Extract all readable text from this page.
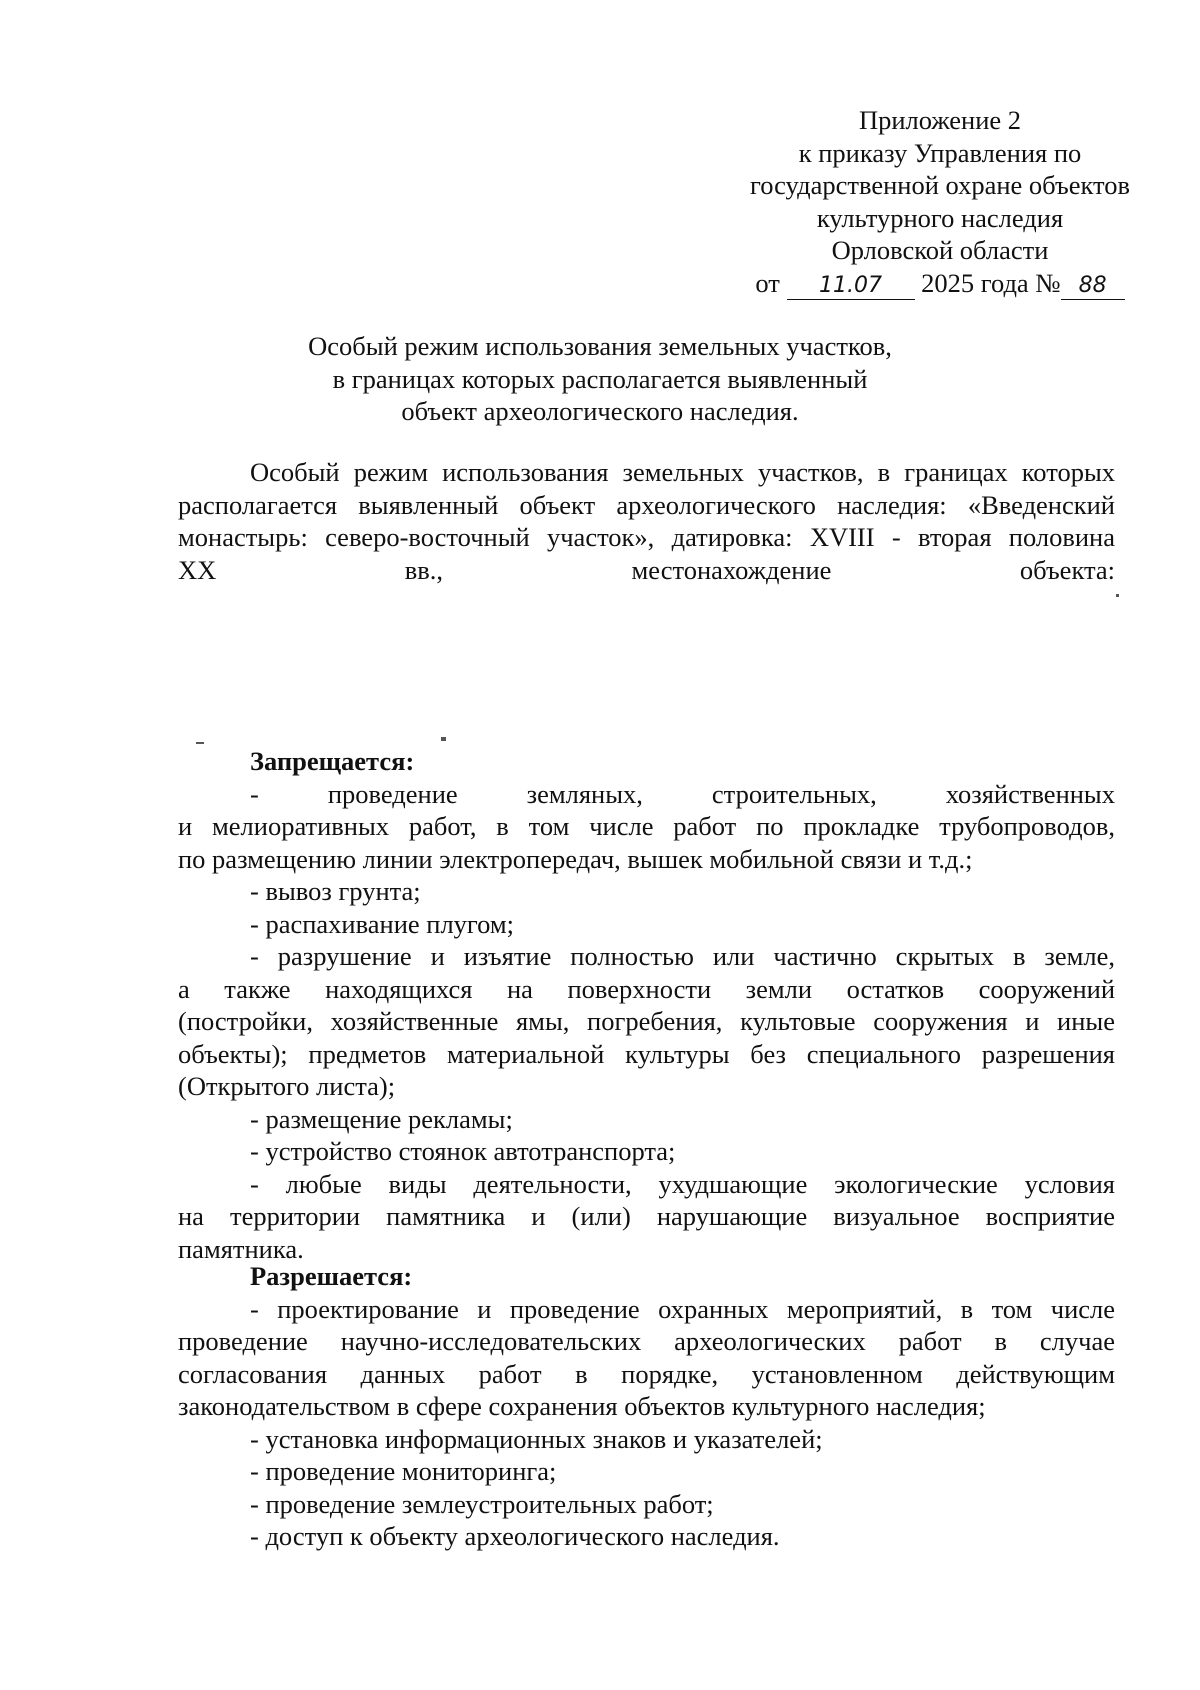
Приложение 2
к приказу Управления по
государственной охране объектов
культурного наследия
Орловской области
от 11.07 2025 года № 88
Особый режим использования земельных участков,
в границах которых располагается выявленный
объект археологического наследия.
Особый режим использования земельных участков, в границах которых
располагается выявленный объект археологического наследия: «Введенский
монастырь: северо-восточный участок», датировка: XVIII - вторая половина
XX вв., местонахождение объекта:
Запрещается:
- проведение земляных, строительных, хозяйственных
и мелиоративных работ, в том числе работ по прокладке трубопроводов,
по размещению линии электропередач, вышек мобильной связи и т.д.;
- вывоз грунта;
- распахивание плугом;
- разрушение и изъятие полностью или частично скрытых в земле,
а также находящихся на поверхности земли остатков сооружений
(постройки, хозяйственные ямы, погребения, культовые сооружения и иные
объекты); предметов материальной культуры без специального разрешения
(Открытого листа);
- размещение рекламы;
- устройство стоянок автотранспорта;
- любые виды деятельности, ухудшающие экологические условия
на территории памятника и (или) нарушающие визуальное восприятие
памятника.
Разрешается:
- проектирование и проведение охранных мероприятий, в том числе
проведение научно-исследовательских археологических работ в случае
согласования данных работ в порядке, установленном действующим
законодательством в сфере сохранения объектов культурного наследия;
- установка информационных знаков и указателей;
- проведение мониторинга;
- проведение землеустроительных работ;
- доступ к объекту археологического наследия.
